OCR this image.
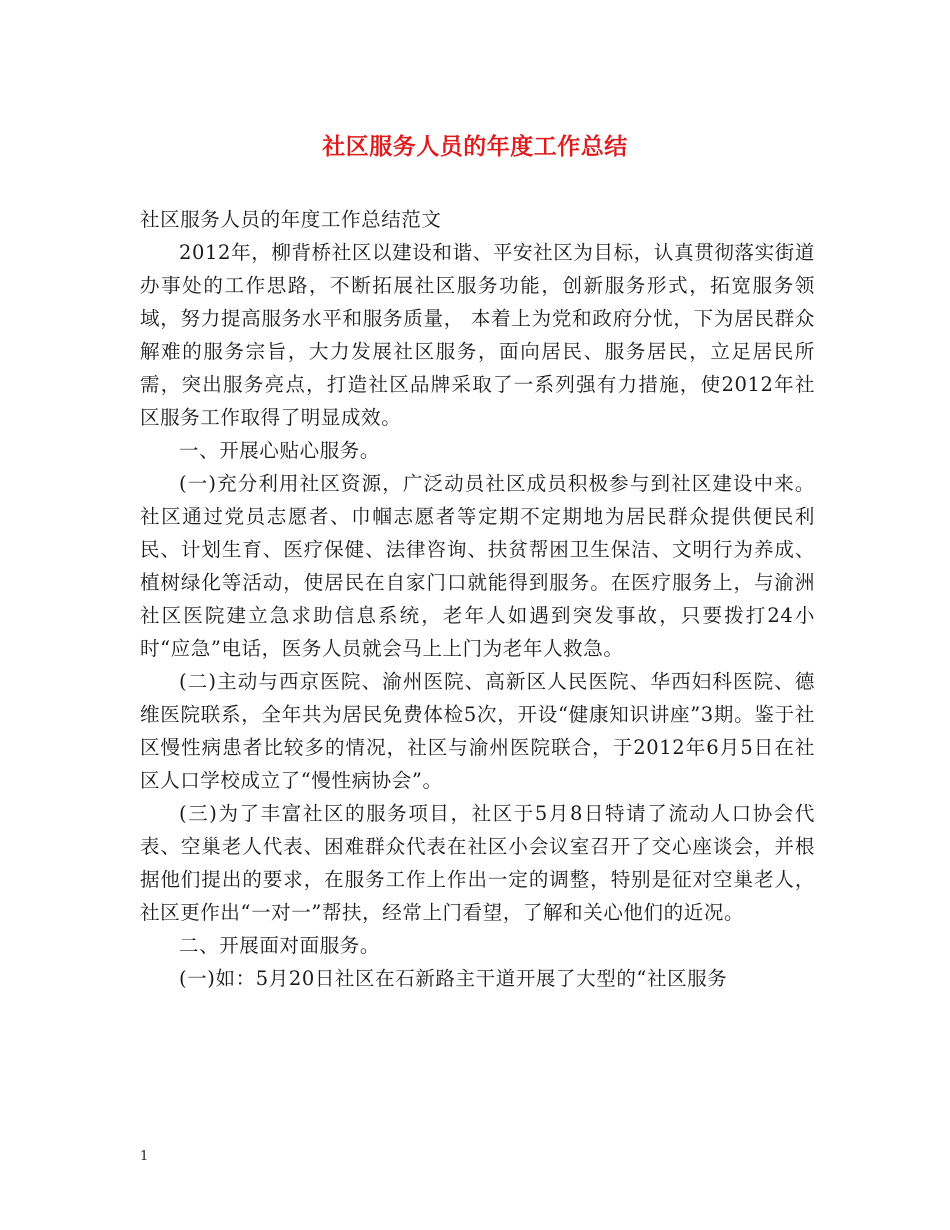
社区服务人员的年度工作总结

社区服务人员的年度工作总结范文

2012年，柳背桥社区以建设和谐、平安社区为目标，认真贯彻落实街道办事处的工作思路，不断拓展社区服务功能，创新服务形式，拓宽服务领域，努力提高服务水平和服务质量， 本着上为党和政府分忧，下为居民群众解难的服务宗旨，大力发展社区服务，面向居民、服务居民，立足居民所需，突出服务亮点，打造社区品牌采取了一系列强有力措施，使2012年社区服务工作取得了明显成效。

一、开展心贴心服务。

(一)充分利用社区资源，广泛动员社区成员积极参与到社区建设中来。社区通过党员志愿者、巾帼志愿者等定期不定期地为居民群众提供便民利民、计划生育、医疗保健、法律咨询、扶贫帮困卫生保洁、文明行为养成、植树绿化等活动，使居民在自家门口就能得到服务。在医疗服务上，与渝洲社区医院建立急求助信息系统，老年人如遇到突发事故，只要拨打24小时“应急”电话，医务人员就会马上上门为老年人救急。

(二)主动与西京医院、渝州医院、高新区人民医院、华西妇科医院、德维医院联系，全年共为居民免费体检5次，开设“健康知识讲座”3期。鉴于社区慢性病患者比较多的情况，社区与渝州医院联合，于2012年6月5日在社区人口学校成立了“慢性病协会”。

(三)为了丰富社区的服务项目，社区于5月8日特请了流动人口协会代表、空巢老人代表、困难群众代表在社区小会议室召开了交心座谈会，并根据他们提出的要求，在服务工作上作出一定的调整，特别是征对空巢老人，社区更作出“一对一”帮扶，经常上门看望，了解和关心他们的近况。

二、开展面对面服务。

(一)如：5月20日社区在石新路主干道开展了大型的“社区服务

1
